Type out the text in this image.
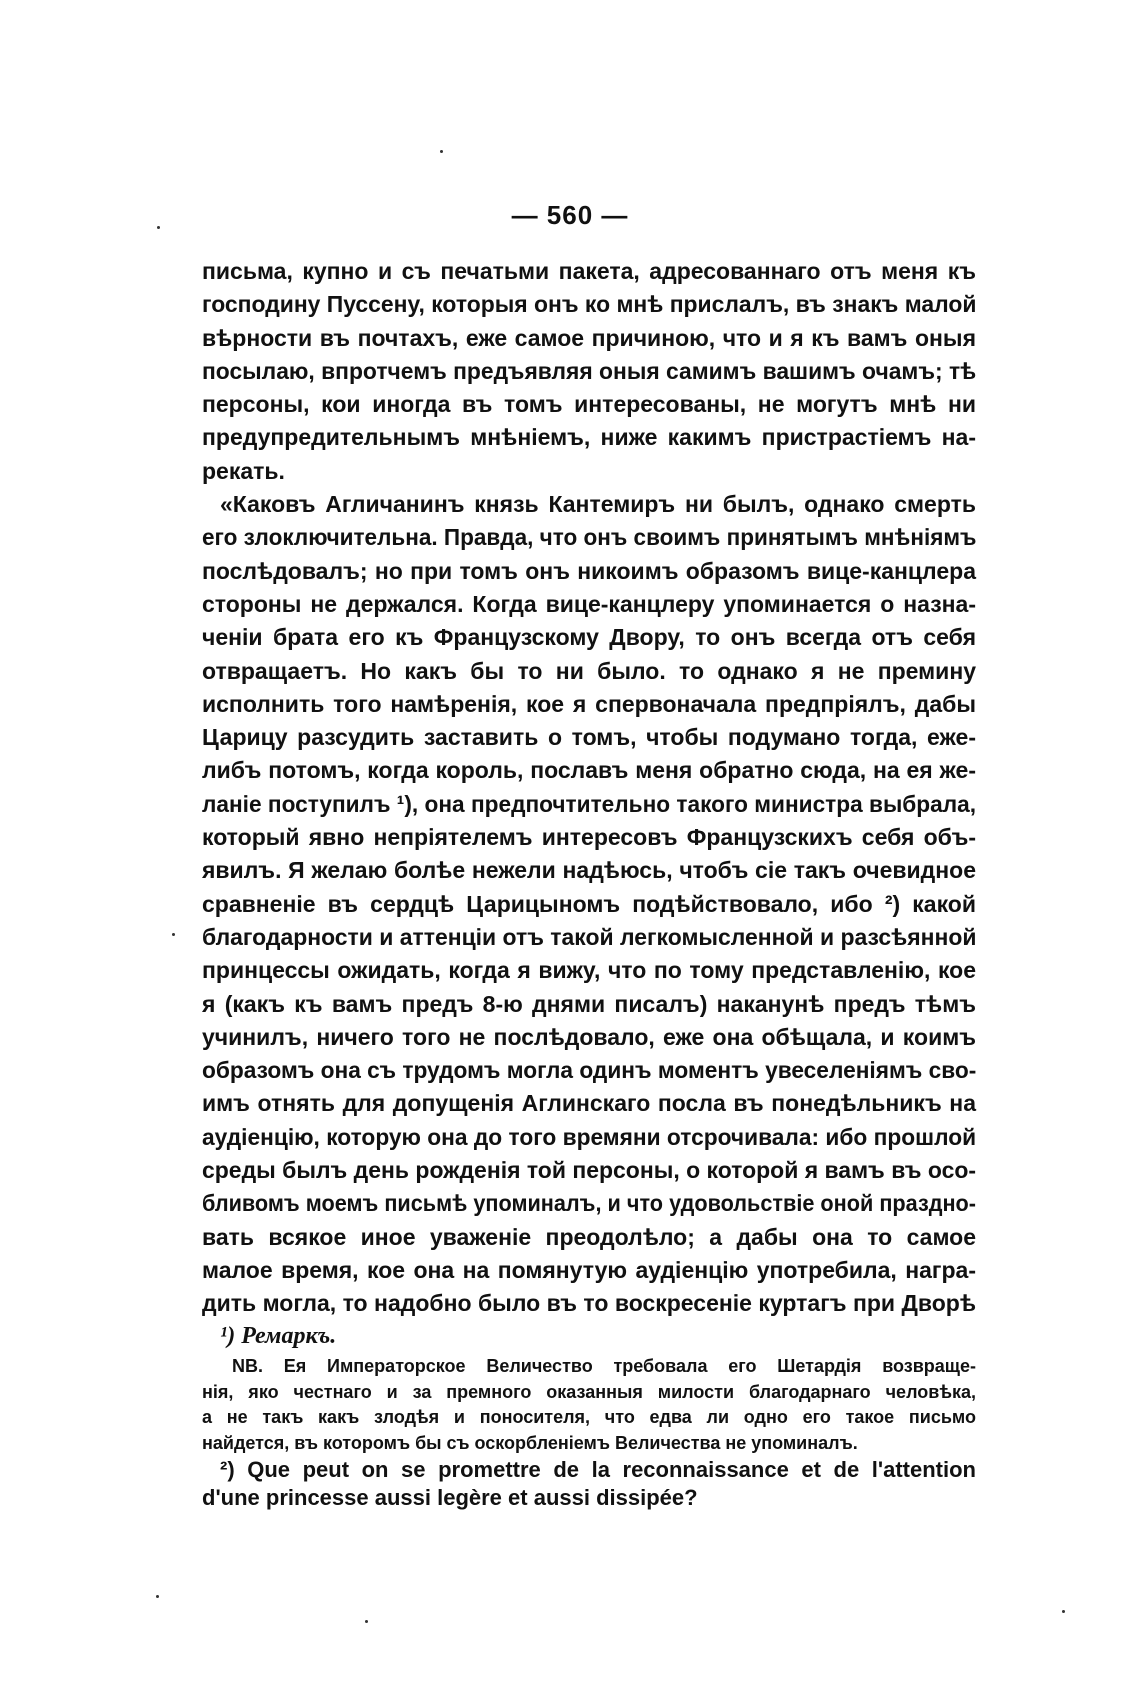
— 560 —
письма, купно и съ печатьми пакета, адресованнаго отъ меня къ
господину Пуссену, которыя онъ ко мнѣ прислалъ, въ знакъ малой
вѣрности въ почтахъ, еже самое причиною, что и я къ вамъ оныя
посылаю, впротчемъ предъявляя оныя самимъ вашимъ очамъ; тѣ
персоны, кои иногда въ томъ интересованы, не могутъ мнѣ ни
предупредительнымъ мнѣніемъ, ниже какимъ пристрастіемъ на-
рекать.
«Каковъ Агличанинъ князь Кантемиръ ни былъ, однако смерть
его злоключительна. Правда, что онъ своимъ принятымъ мнѣніямъ
послѣдовалъ; но при томъ онъ никоимъ образомъ вице-канцлера
стороны не держался. Когда вице-канцлеру упоминается о назна-
ченіи брата его къ Французскому Двору, то онъ всегда отъ себя
отвращаетъ. Но какъ бы то ни было. то однако я не премину
исполнить того намѣренія, кое я спервоначала предпріялъ, дабы
Царицу разсудить заставить о томъ, чтобы подумано тогда, еже-
либъ потомъ, когда король, пославъ меня обратно сюда, на ея же-
ланіе поступилъ ¹), она предпочтительно такого министра выбрала,
который явно непріятелемъ интересовъ Французскихъ себя объ-
явилъ. Я желаю болѣе нежели надѣюсь, чтобъ сіе такъ очевидное
сравненіе въ сердцѣ Царицыномъ подѣйствовало, ибо ²) какой
благодарности и аттенціи отъ такой легкомысленной и разсѣянной
принцессы ожидать, когда я вижу, что по тому представленію, кое
я (какъ къ вамъ предъ 8-ю днями писалъ) наканунѣ предъ тѣмъ
учинилъ, ничего того не послѣдовало, еже она обѣщала, и коимъ
образомъ она съ трудомъ могла одинъ моментъ увеселеніямъ сво-
имъ отнять для допущенія Аглинскаго посла въ понедѣльникъ на
аудіенцію, которую она до того времяни отсрочивала: ибо прошлой
среды былъ день рожденія той персоны, о которой я вамъ въ осо-
бливомъ моемъ письмѣ упоминалъ, и что удовольствіе оной праздно-
вать всякое иное уваженіе преодолѣло; а дабы она то самое
малое время, кое она на помянутую аудіенцію употребила, награ-
дить могла, то надобно было въ то воскресеніе куртагъ при Дворѣ
¹) Ремаркъ.
NB. Ея Императорское Величество требовала его Шетардія возвраще-
нія, яко честнаго и за премного оказанныя милости благодарнаго человѣка,
а не такъ какъ злодѣя и поносителя, что едва ли одно его такое письмо
найдется, въ которомъ бы съ оскорбленіемъ Величества не упоминалъ.
²) Que peut on se promettre de la reconnaissance et de l'attention
d'une princesse aussi legère et aussi dissipée?
